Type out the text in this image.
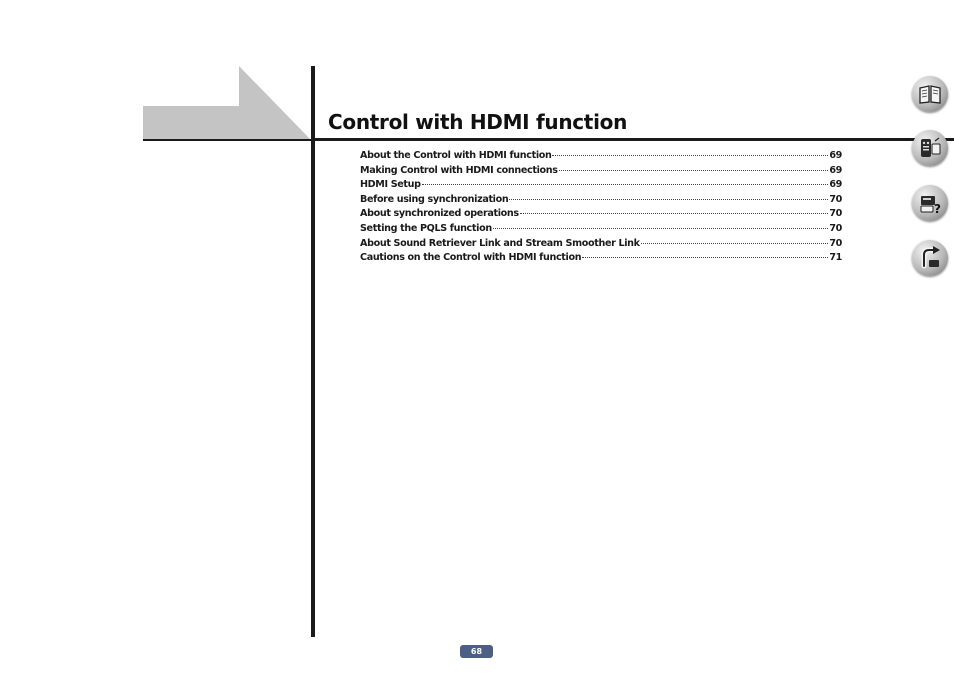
Control with HDMI function
About the Control with HDMI function	69
Making Control with HDMI connections	69
HDMI Setup	69
Before using synchronization	70
About synchronized operations	70
Setting the PQLS function	70
About Sound Retriever Link and Stream Smoother Link	70
Cautions on the Control with HDMI function	71
?
68
